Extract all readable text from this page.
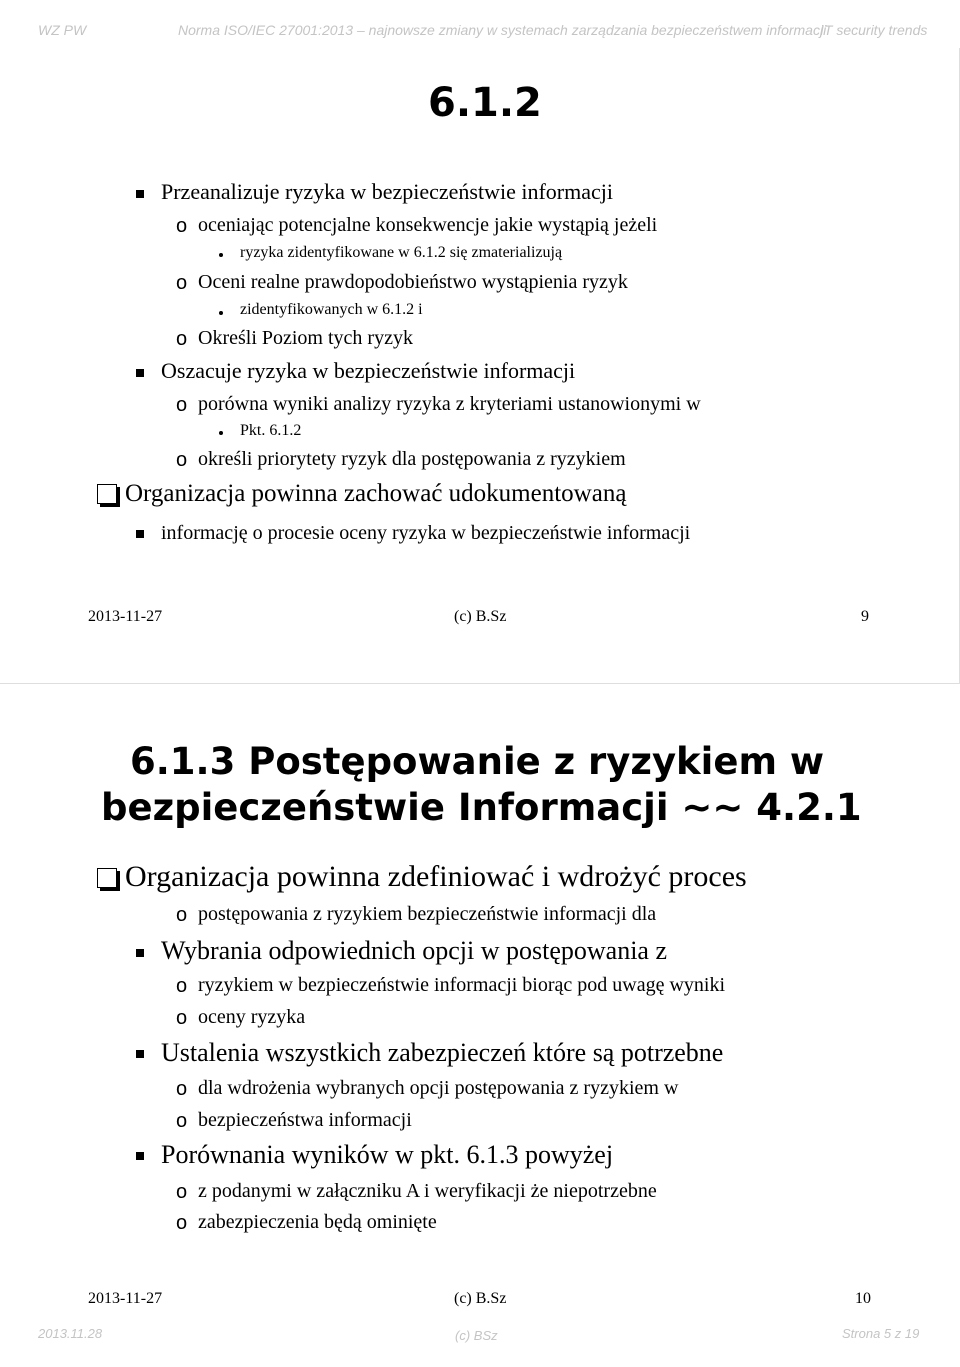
WZ PW	Norma ISO/IEC 27001:2013 – najnowsze zmiany w systemach zarządzania bezpieczeństwem informacji
IT security trends
6.1.2
Przeanalizuje ryzyka w bezpieczeństwie informacji
o oceniając potencjalne konsekwencje jakie wystąpią jeżeli
ryzyka zidentyfikowane w 6.1.2 się zmaterializują
o Oceni realne prawdopodobieństwo wystąpienia ryzyk
zidentyfikowanych w 6.1.2 i
o Określi Poziom tych ryzyk
Oszacuje ryzyka w bezpieczeństwie informacji
o porówna wyniki analizy ryzyka z kryteriami ustanowionymi w
Pkt. 6.1.2
o określi priorytety ryzyk dla postępowania z ryzykiem
Organizacja powinna zachować udokumentowaną
informację o procesie oceny ryzyka w bezpieczeństwie informacji
2013-11-27	(c) B.Sz	9
6.1.3 Postępowanie z ryzykiem w
bezpieczeństwie Informacji ~~ 4.2.1
Organizacja powinna zdefiniować i wdrożyć proces
o postępowania z ryzykiem bezpieczeństwie informacji dla
Wybrania odpowiednich opcji w postępowania z
o ryzykiem w bezpieczeństwie informacji biorąc pod uwagę wyniki
o oceny ryzyka
Ustalenia wszystkich zabezpieczeń które są potrzebne
o dla wdrożenia wybranych opcji postępowania z ryzykiem w
o bezpieczeństwa informacji
Porównania wyników w pkt. 6.1.3 powyżej
o z podanymi w załączniku A i weryfikacji że niepotrzebne
o zabezpieczenia będą ominięte
2013-11-27	(c) B.Sz	10
2013.11.28	(c) BSz	Strona 5 z 19
